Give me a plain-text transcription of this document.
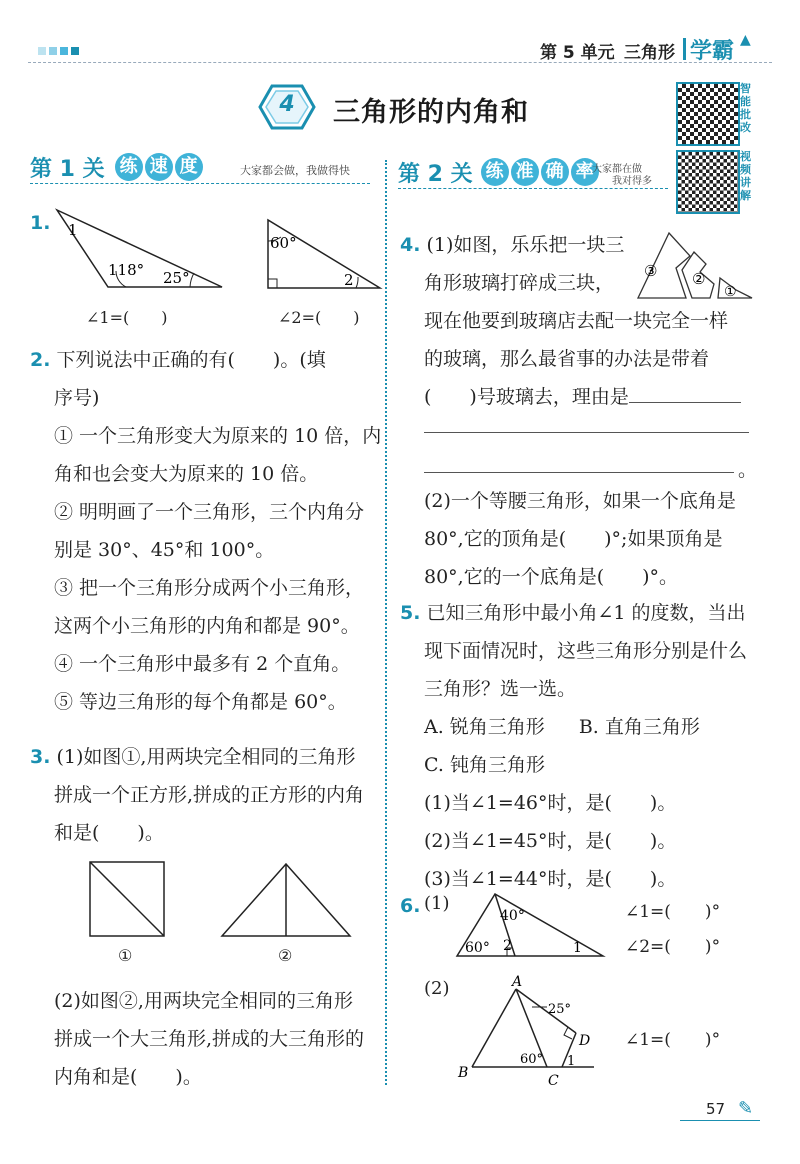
第 5 单元 三角形 学霸 ▲
4	三角形的内角和
智能批改
视频讲解
第 1 关 练 速 度	大家都会做，我做得快 第 2 关 练 准 确 率
大家都在做
我对得多
1. 1
118° 25°
∠1=(　　)
60°
2
∠2=(　　)
2. 下列说法中正确的有(　　)。(填
序号)
① 一个三角形变大为原来的 10 倍，内
角和也会变大为原来的 10 倍。
② 明明画了一个三角形，三个内角分
别是 30°、45°和 100°。
③ 把一个三角形分成两个小三角形，
这两个小三角形的内角和都是 90°。
④ 一个三角形中最多有 2 个直角。
⑤ 等边三角形的每个角都是 60°。
3. (1)如图①,用两块完全相同的三角形
拼成一个正方形,拼成的正方形的内角
和是(　　)。
①	②
(2)如图②,用两块完全相同的三角形
拼成一个大三角形,拼成的大三角形的
内角和是(　　)。
4. (1)如图，乐乐把一块三
角形玻璃打碎成三块，
现在他要到玻璃店去配一块完全一样
的玻璃，那么最省事的办法是带着
(　　)号玻璃去，理由是
。
③ ②
①
(2)一个等腰三角形，如果一个底角是
80°,它的顶角是(　　)°;如果顶角是
80°,它的一个底角是(　　)°。
5. 已知三角形中最小角∠1 的度数，当出
现下面情况时，这些三角形分别是什么
三角形？选一选。
A. 锐角三角形 B. 直角三角形
C. 钝角三角形
(1)当∠1=46°时，是(　　)。
(2)当∠1=45°时，是(　　)。
(3)当∠1=44°时，是(　　)。
6. (1)
40°
60° 2	1
∠1=(　　)°
∠2=(　　)°
(2)	A
B	C
D
25°
60° 1
∠1=(　　)°
57 ✎
